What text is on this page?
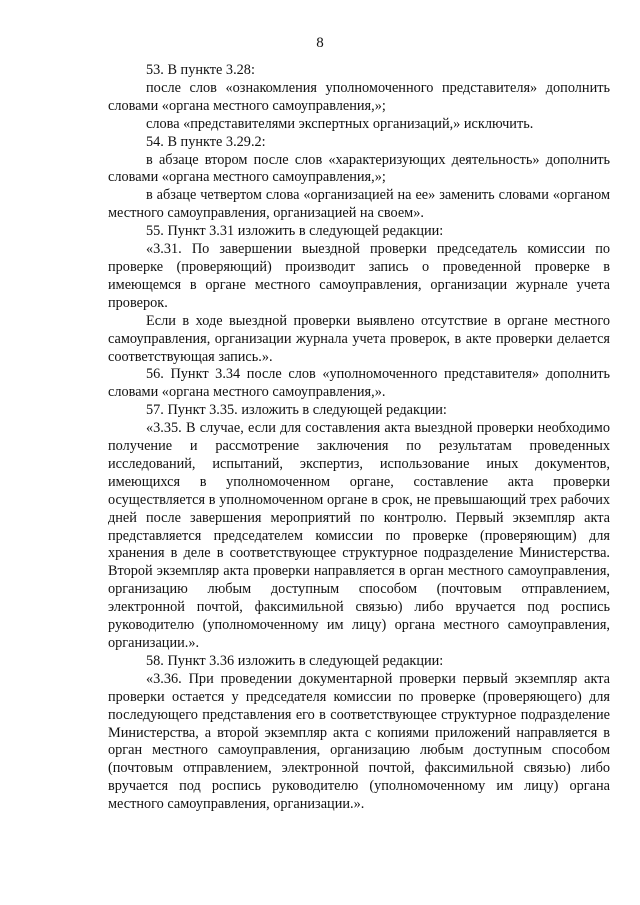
8

53. В пункте 3.28:

после слов «ознакомления уполномоченного представителя» дополнить словами «органа местного самоуправления,»;

слова «представителями экспертных организаций,» исключить.

54. В пункте 3.29.2:

в абзаце втором после слов «характеризующих деятельность» дополнить словами «органа местного самоуправления,»;

в абзаце четвертом слова «организацией на ее» заменить словами «органом местного самоуправления, организацией на своем».

55. Пункт 3.31 изложить в следующей редакции:

«3.31. По завершении выездной проверки председатель комиссии по проверке (проверяющий) производит запись о проведенной проверке в имеющемся в органе местного самоуправления, организации журнале учета проверок.

Если в ходе выездной проверки выявлено отсутствие в органе местного самоуправления, организации журнала учета проверок, в акте проверки делается соответствующая запись.».

56. Пункт 3.34 после слов «уполномоченного представителя» дополнить словами «органа местного самоуправления,».

57. Пункт 3.35. изложить в следующей редакции:

«3.35. В случае, если для составления акта выездной проверки необходимо получение и рассмотрение заключения по результатам проведенных исследований, испытаний, экспертиз, использование иных документов, имеющихся в уполномоченном органе, составление акта проверки осуществляется в уполномоченном органе в срок, не превышающий трех рабочих дней после завершения мероприятий по контролю. Первый экземпляр акта представляется председателем комиссии по проверке (проверяющим) для хранения в деле в соответствующее структурное подразделение Министерства. Второй экземпляр акта проверки направляется в орган местного самоуправления, организацию любым доступным способом (почтовым отправлением, электронной почтой, факсимильной связью) либо вручается под роспись руководителю (уполномоченному им лицу) органа местного самоуправления, организации.».

58. Пункт 3.36 изложить в следующей редакции:

«3.36. При проведении документарной проверки первый экземпляр акта проверки остается у председателя комиссии по проверке (проверяющего) для последующего представления его в соответствующее структурное подразделение Министерства, а второй экземпляр акта с копиями приложений направляется в орган местного самоуправления, организацию любым доступным способом (почтовым отправлением, электронной почтой, факсимильной связью) либо вручается под роспись руководителю (уполномоченному им лицу) органа местного самоуправления, организации.».
